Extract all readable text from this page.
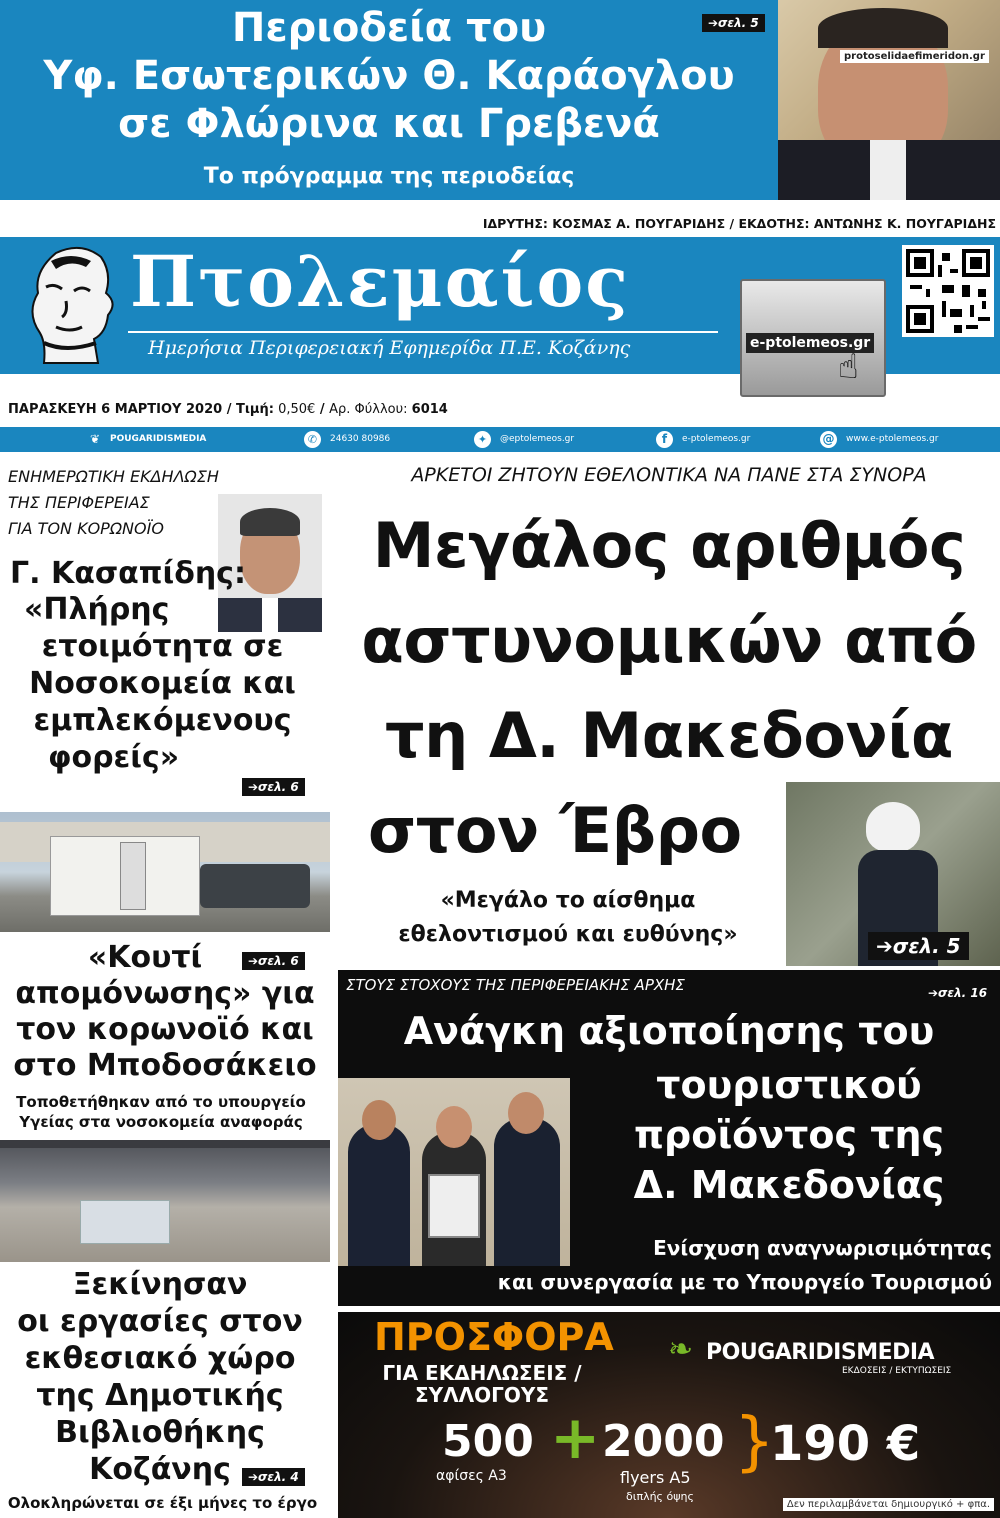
Περιοδεία του
Υφ. Εσωτερικών Θ. Καράογλου
σε Φλώρινα και Γρεβενά
Το πρόγραμμα της περιοδείας
➔σελ. 5
protoselidaefimeridon.gr
ΙΔΡΥΤΗΣ: ΚΟΣΜΑΣ Α. ΠΟΥΓΑΡΙΔΗΣ / ΕΚΔΟΤΗΣ: ΑΝΤΩΝΗΣ Κ. ΠΟΥΓΑΡΙΔΗΣ
Πτολεμαίος
Ημερήσια Περιφερειακή Εφημερίδα Π.Ε. Κοζάνης	e-ptolemeos.gr
☝
ΠΑΡΑΣΚΕΥΗ 6 ΜΑΡΤΙΟΥ 2020 / Τιμή: 0,50€ / Αρ. Φύλλου: 6014
❦ POUGARIDISMEDIA	✆	24630 80986	✦	@eptolemeos.gr	f	e-ptolemeos.gr	@ www.e-ptolemeos.gr
ΕΝΗΜΕΡΩΤΙΚΗ ΕΚΔΗΛΩΣΗ
ΤΗΣ ΠΕΡΙΦΕΡΕΙΑΣ
ΓΙΑ ΤΟΝ ΚΟΡΩΝΟΪΟ
Γ. Κασαπίδης:
«Πλήρης
ετοιμότητα σε
Νοσοκομεία και
εμπλεκόμενους
φορείς»
➔σελ. 6
«Κουτί
απομόνωσης» για
τον κορωνοϊό και
στο Μποδοσάκειο
➔σελ. 6
Τοποθετήθηκαν από το υπουργείο
Υγείας στα νοσοκομεία αναφοράς
Ξεκίνησαν
οι εργασίες στον
εκθεσιακό χώρο
της Δημοτικής
Βιβλιοθήκης
Κοζάνης	➔σελ. 4
Ολοκληρώνεται σε έξι μήνες το έργο
ΑΡΚΕΤΟΙ ΖΗΤΟΥΝ ΕΘΕΛΟΝΤΙΚΑ ΝΑ ΠΑΝΕ ΣΤΑ ΣΥΝΟΡΑ
Μεγάλος αριθμός
αστυνομικών από
τη Δ. Μακεδονία
στον Έβρο
«Μεγάλο το αίσθημα
εθελοντισμού και ευθύνης»	➔σελ. 5
ΣΤΟΥΣ ΣΤΟΧΟΥΣ ΤΗΣ ΠΕΡΙΦΕΡΕΙΑΚΗΣ ΑΡΧΗΣ	➔σελ. 16
Ανάγκη αξιοποίησης του
τουριστικού
προϊόντος της
Δ. Μακεδονίας
Ενίσχυση αναγνωρισιμότητας
και συνεργασία με το Υπουργείο Τουρισμού
ΠΡΟΣΦΟΡΑ
ΓΙΑ ΕΚΔΗΛΩΣΕΙΣ /
ΣΥΛΛΟΓΟΥΣ
❧ POUGARIDISMEDIA
ΕΚΔΟΣΕΙΣ / ΕΚΤΥΠΩΣΕΙΣ
500
αφίσες Α3
+ 2000
flyers A5
διπλής όψης
}
190 €
Δεν περιλαμβάνεται δημιουργικό + φπα.
